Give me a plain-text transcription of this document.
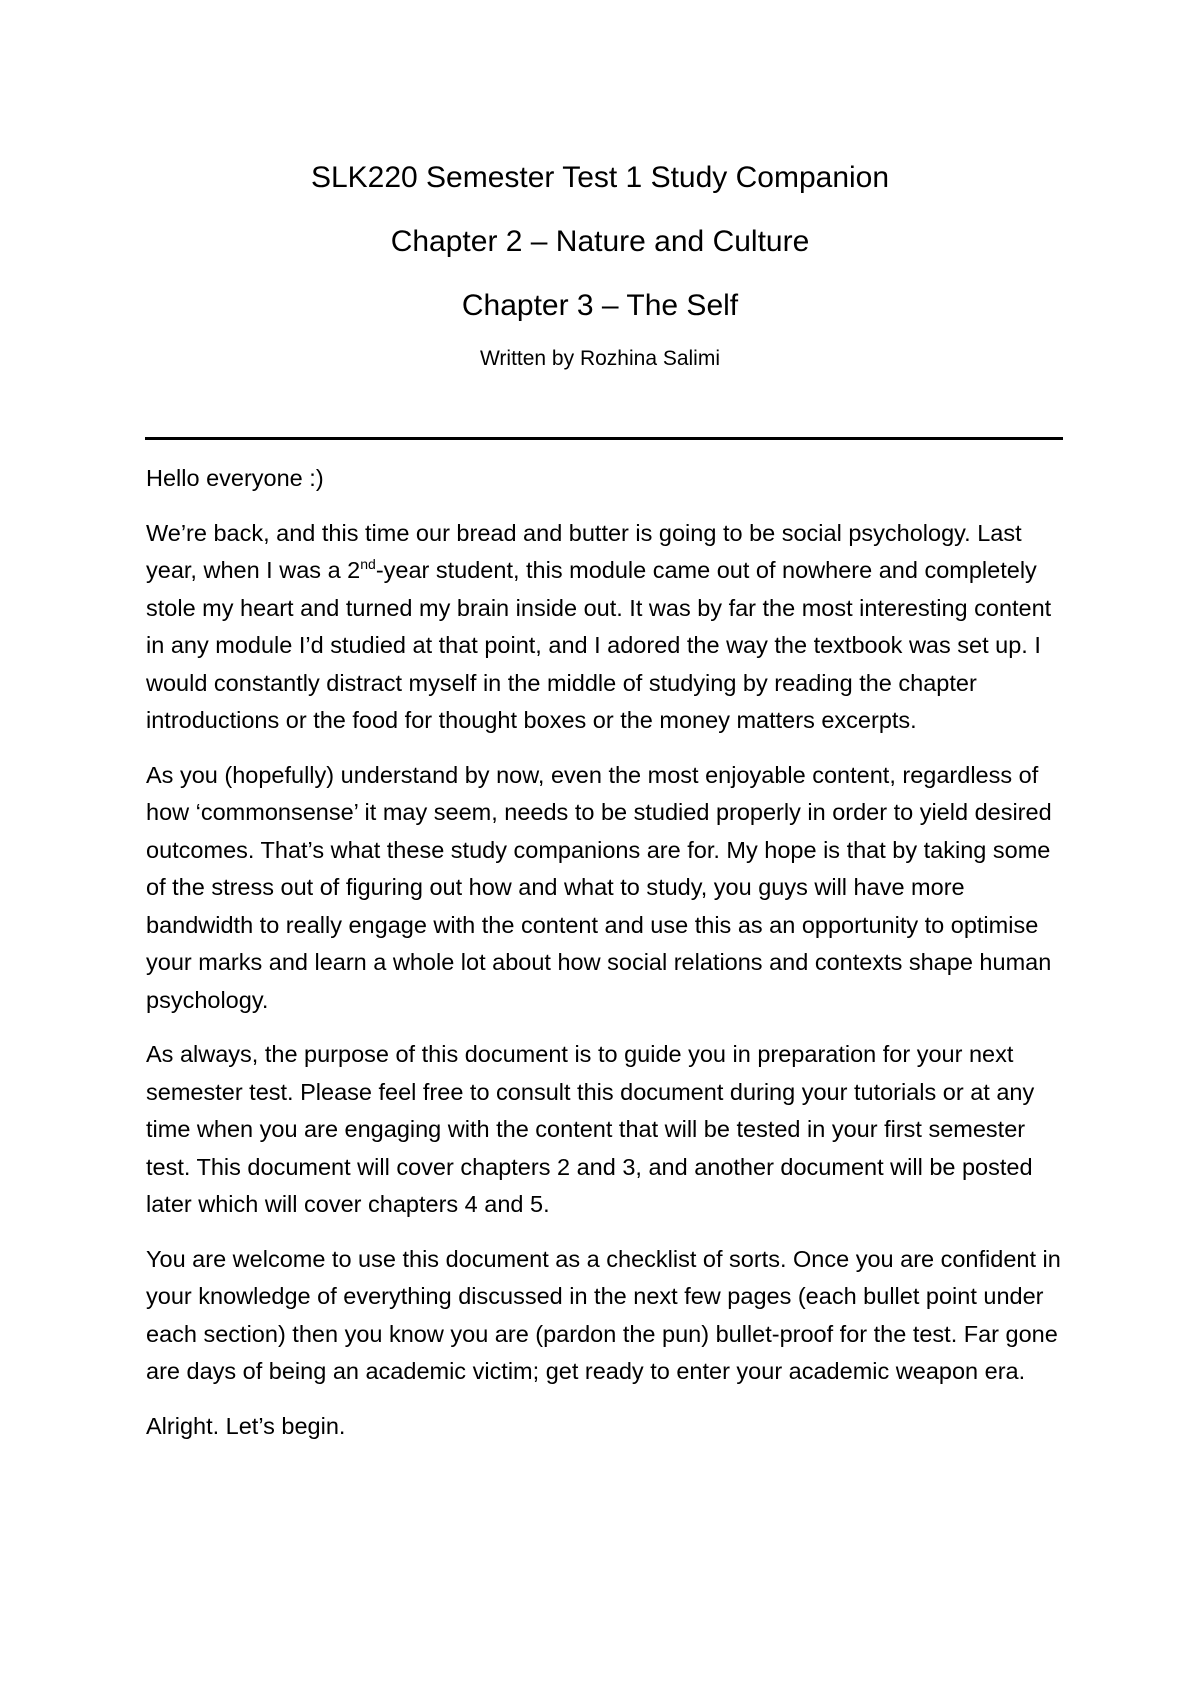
SLK220 Semester Test 1 Study Companion

Chapter 2 – Nature and Culture

Chapter 3 – The Self

Written by Rozhina Salimi

Hello everyone :)

We’re back, and this time our bread and butter is going to be social psychology. Last year, when I was a 2nd-year student, this module came out of nowhere and completely stole my heart and turned my brain inside out. It was by far the most interesting content in any module I’d studied at that point, and I adored the way the textbook was set up. I would constantly distract myself in the middle of studying by reading the chapter introductions or the food for thought boxes or the money matters excerpts.

As you (hopefully) understand by now, even the most enjoyable content, regardless of how ‘commonsense’ it may seem, needs to be studied properly in order to yield desired outcomes. That’s what these study companions are for. My hope is that by taking some of the stress out of figuring out how and what to study, you guys will have more bandwidth to really engage with the content and use this as an opportunity to optimise your marks and learn a whole lot about how social relations and contexts shape human psychology.

As always, the purpose of this document is to guide you in preparation for your next semester test. Please feel free to consult this document during your tutorials or at any time when you are engaging with the content that will be tested in your first semester test. This document will cover chapters 2 and 3, and another document will be posted later which will cover chapters 4 and 5.

You are welcome to use this document as a checklist of sorts. Once you are confident in your knowledge of everything discussed in the next few pages (each bullet point under each section) then you know you are (pardon the pun) bullet-proof for the test. Far gone are days of being an academic victim; get ready to enter your academic weapon era.

Alright. Let’s begin.
